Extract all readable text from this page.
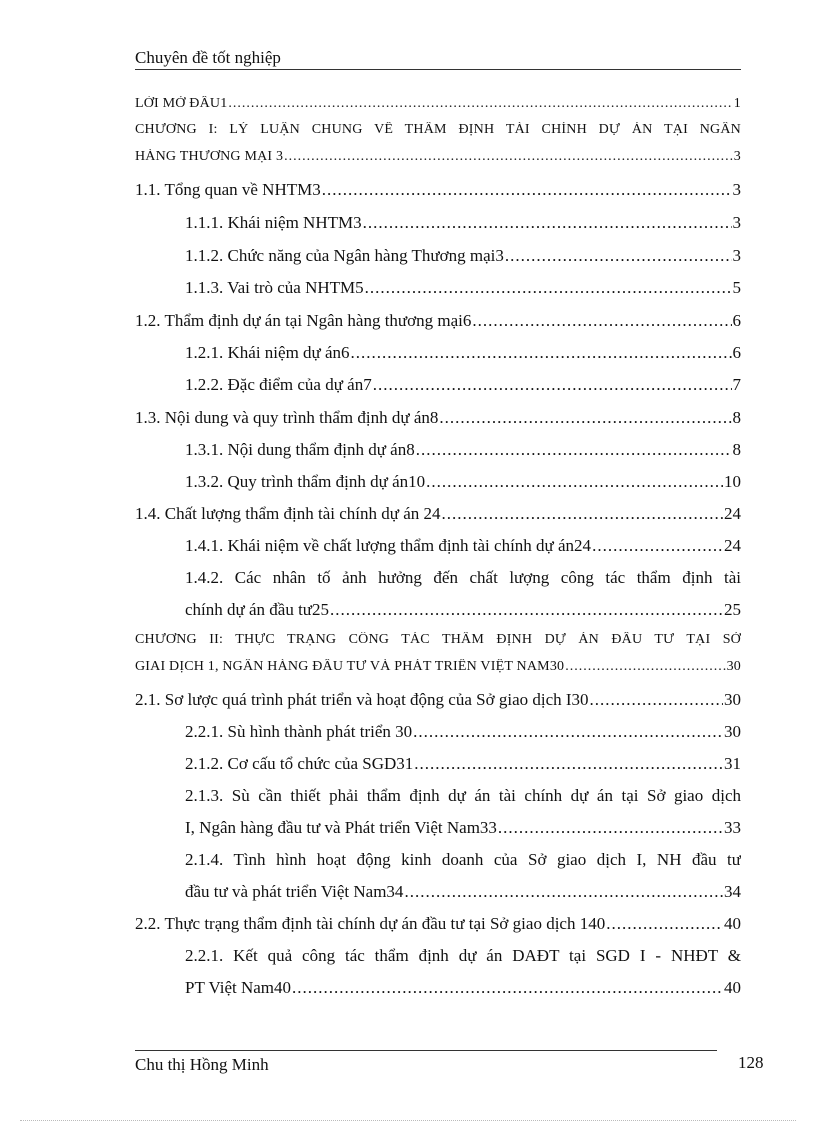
Chuyên đề tốt nghiệp
LỜI MỞ ĐẦU1 .....	1
CHƯƠNG I: LÝ LUẬN CHUNG VỀ THẨM ĐỊNH TÀI CHÍNH DỰ ÁN TẠI NGÂN
HÀNG THƯƠNG MẠI 3 .....	3
1.1. Tổng quan về NHTM3 .....	3
1.1.1. Khái niệm NHTM3 .....	3
1.1.2. Chức năng của Ngân hàng Thương mại3 .....	3
1.1.3. Vai trò của NHTM5 .....	5
1.2. Thẩm định dự án tại Ngân hàng thương mại6 .....	6
1.2.1. Khái niệm dự án6 .....	6
1.2.2. Đặc điểm của dự án7 .....	7
1.3. Nội dung và quy trình thẩm định dự án8 .....	8
1.3.1. Nội dung thẩm định dự án8 .....	8
1.3.2. Quy trình thẩm định dự án10 .....	10
1.4. Chất lượng thẩm định tài chính dự án 24 .....	24
1.4.1. Khái niệm về chất lượng thẩm định tài chính dự án24 .....	24
1.4.2. Các nhân tố ảnh hưởng đến chất lượng công tác thẩm định tài
chính dự án đầu tư25 .....	25
CHƯƠNG II: THỰC TRẠNG CÔNG TÁC THẨM ĐỊNH DỰ ÁN ĐẦU TƯ TẠI SỞ
GIAI DỊCH 1, NGÂN HÀNG ĐẦU TƯ VÀ PHÁT TRIỂN VIỆT NAM30 .....	30
2.1. Sơ lược quá trình phát triển và hoạt động của Sở giao dịch I30 .....	30
2.2.1. Sù hình thành phát triển 30 .....	30
2.1.2. Cơ cấu tổ chức của SGD31 .....	31
2.1.3. Sù cần thiết phải thẩm định dự án tài chính dự án tại Sở giao dịch
I, Ngân hàng đầu tư và Phát triển Việt Nam33 .....	33
2.1.4. Tình hình hoạt động kinh doanh của Sở giao dịch I, NH đầu tư
đầu tư và phát triển Việt Nam34 .....	34
2.2. Thực trạng thẩm định tài chính dự án đầu tư tại Sở giao dịch 140 .....	40
2.2.1. Kết quả công tác thẩm định dự án DAĐT tại SGD I - NHĐT &
PT Việt Nam40 .....	40
Chu thị Hồng Minh	128
